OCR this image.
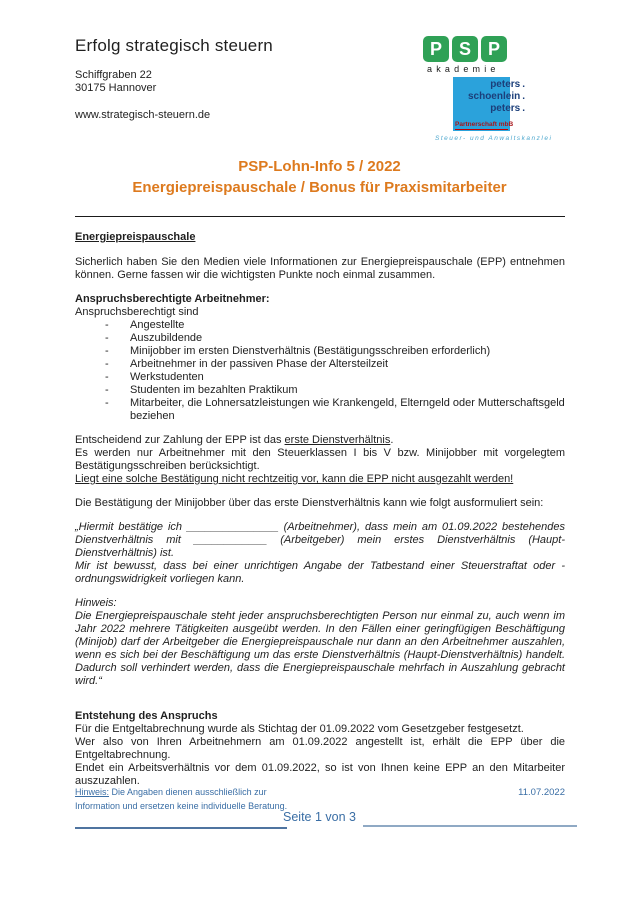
Erfolg strategisch steuern
Schiffgraben 22
30175 Hannover
www.strategisch-steuern.de
P S P
akademie
peters .
schoenlein .
peters .
Partnerschaft mbB
Steuer- und Anwaltskanzlei
PSP-Lohn-Info 5 / 2022
Energiepreispauschale / Bonus für Praxismitarbeiter
Energiepreispauschale

Sicherlich haben Sie den Medien viele Informationen zur Energiepreispauschale (EPP) entnehmen können. Gerne fassen wir die wichtigsten Punkte noch einmal zusammen.

Anspruchsberechtigte Arbeitnehmer:
Anspruchsberechtigt sind
-	Angestellte
-	Auszubildende
-	Minijobber im ersten Dienstverhältnis (Bestätigungsschreiben erforderlich)
-	Arbeitnehmer in der passiven Phase der Altersteilzeit
-	Werkstudenten
-	Studenten im bezahlten Praktikum
-	Mitarbeiter, die Lohnersatzleistungen wie Krankengeld, Elterngeld oder Mutterschaftsgeld beziehen
Entscheidend zur Zahlung der EPP ist das erste Dienstverhältnis.
Es werden nur Arbeitnehmer mit den Steuerklassen I bis V bzw. Minijobber mit vorgelegtem Bestätigungsschreiben berücksichtigt.
Liegt eine solche Bestätigung nicht rechtzeitig vor, kann die EPP nicht ausgezahlt werden!

Die Bestätigung der Minijobber über das erste Dienstverhältnis kann wie folgt ausformuliert sein:

„Hiermit bestätige ich _______________ (Arbeitnehmer), dass mein am 01.09.2022 bestehendes Dienstverhältnis mit ____________ (Arbeitgeber) mein erstes Dienstverhältnis (Haupt-Dienstverhältnis) ist.

Mir ist bewusst, dass bei einer unrichtigen Angabe der Tatbestand einer Steuerstraftat oder -ordnungswidrigkeit vorliegen kann.

Hinweis:

Die Energiepreispauschale steht jeder anspruchsberechtigten Person nur einmal zu, auch wenn im Jahr 2022 mehrere Tätigkeiten ausgeübt werden. In den Fällen einer geringfügigen Beschäftigung (Minijob) darf der Arbeitgeber die Energiepreispauschale nur dann an den Arbeitnehmer auszahlen, wenn es sich bei der Beschäftigung um das erste Dienstverhältnis (Haupt-Dienstverhältnis) handelt. Dadurch soll verhindert werden, dass die Energiepreispauschale mehrfach in Auszahlung gebracht wird.“

Entstehung des Anspruchs
Für die Entgeltabrechnung wurde als Stichtag der 01.09.2022 vom Gesetzgeber festgesetzt.
Wer also von Ihren Arbeitnehmern am 01.09.2022 angestellt ist, erhält die EPP über die Entgeltabrechnung.
Endet ein Arbeitsverhältnis vor dem 01.09.2022, so ist von Ihnen keine EPP an den Mitarbeiter auszuzahlen.
Hinweis: Die Angaben dienen ausschließlich zur Information und ersetzen keine individuelle Beratung.
11.07.2022
Seite 1 von 3
